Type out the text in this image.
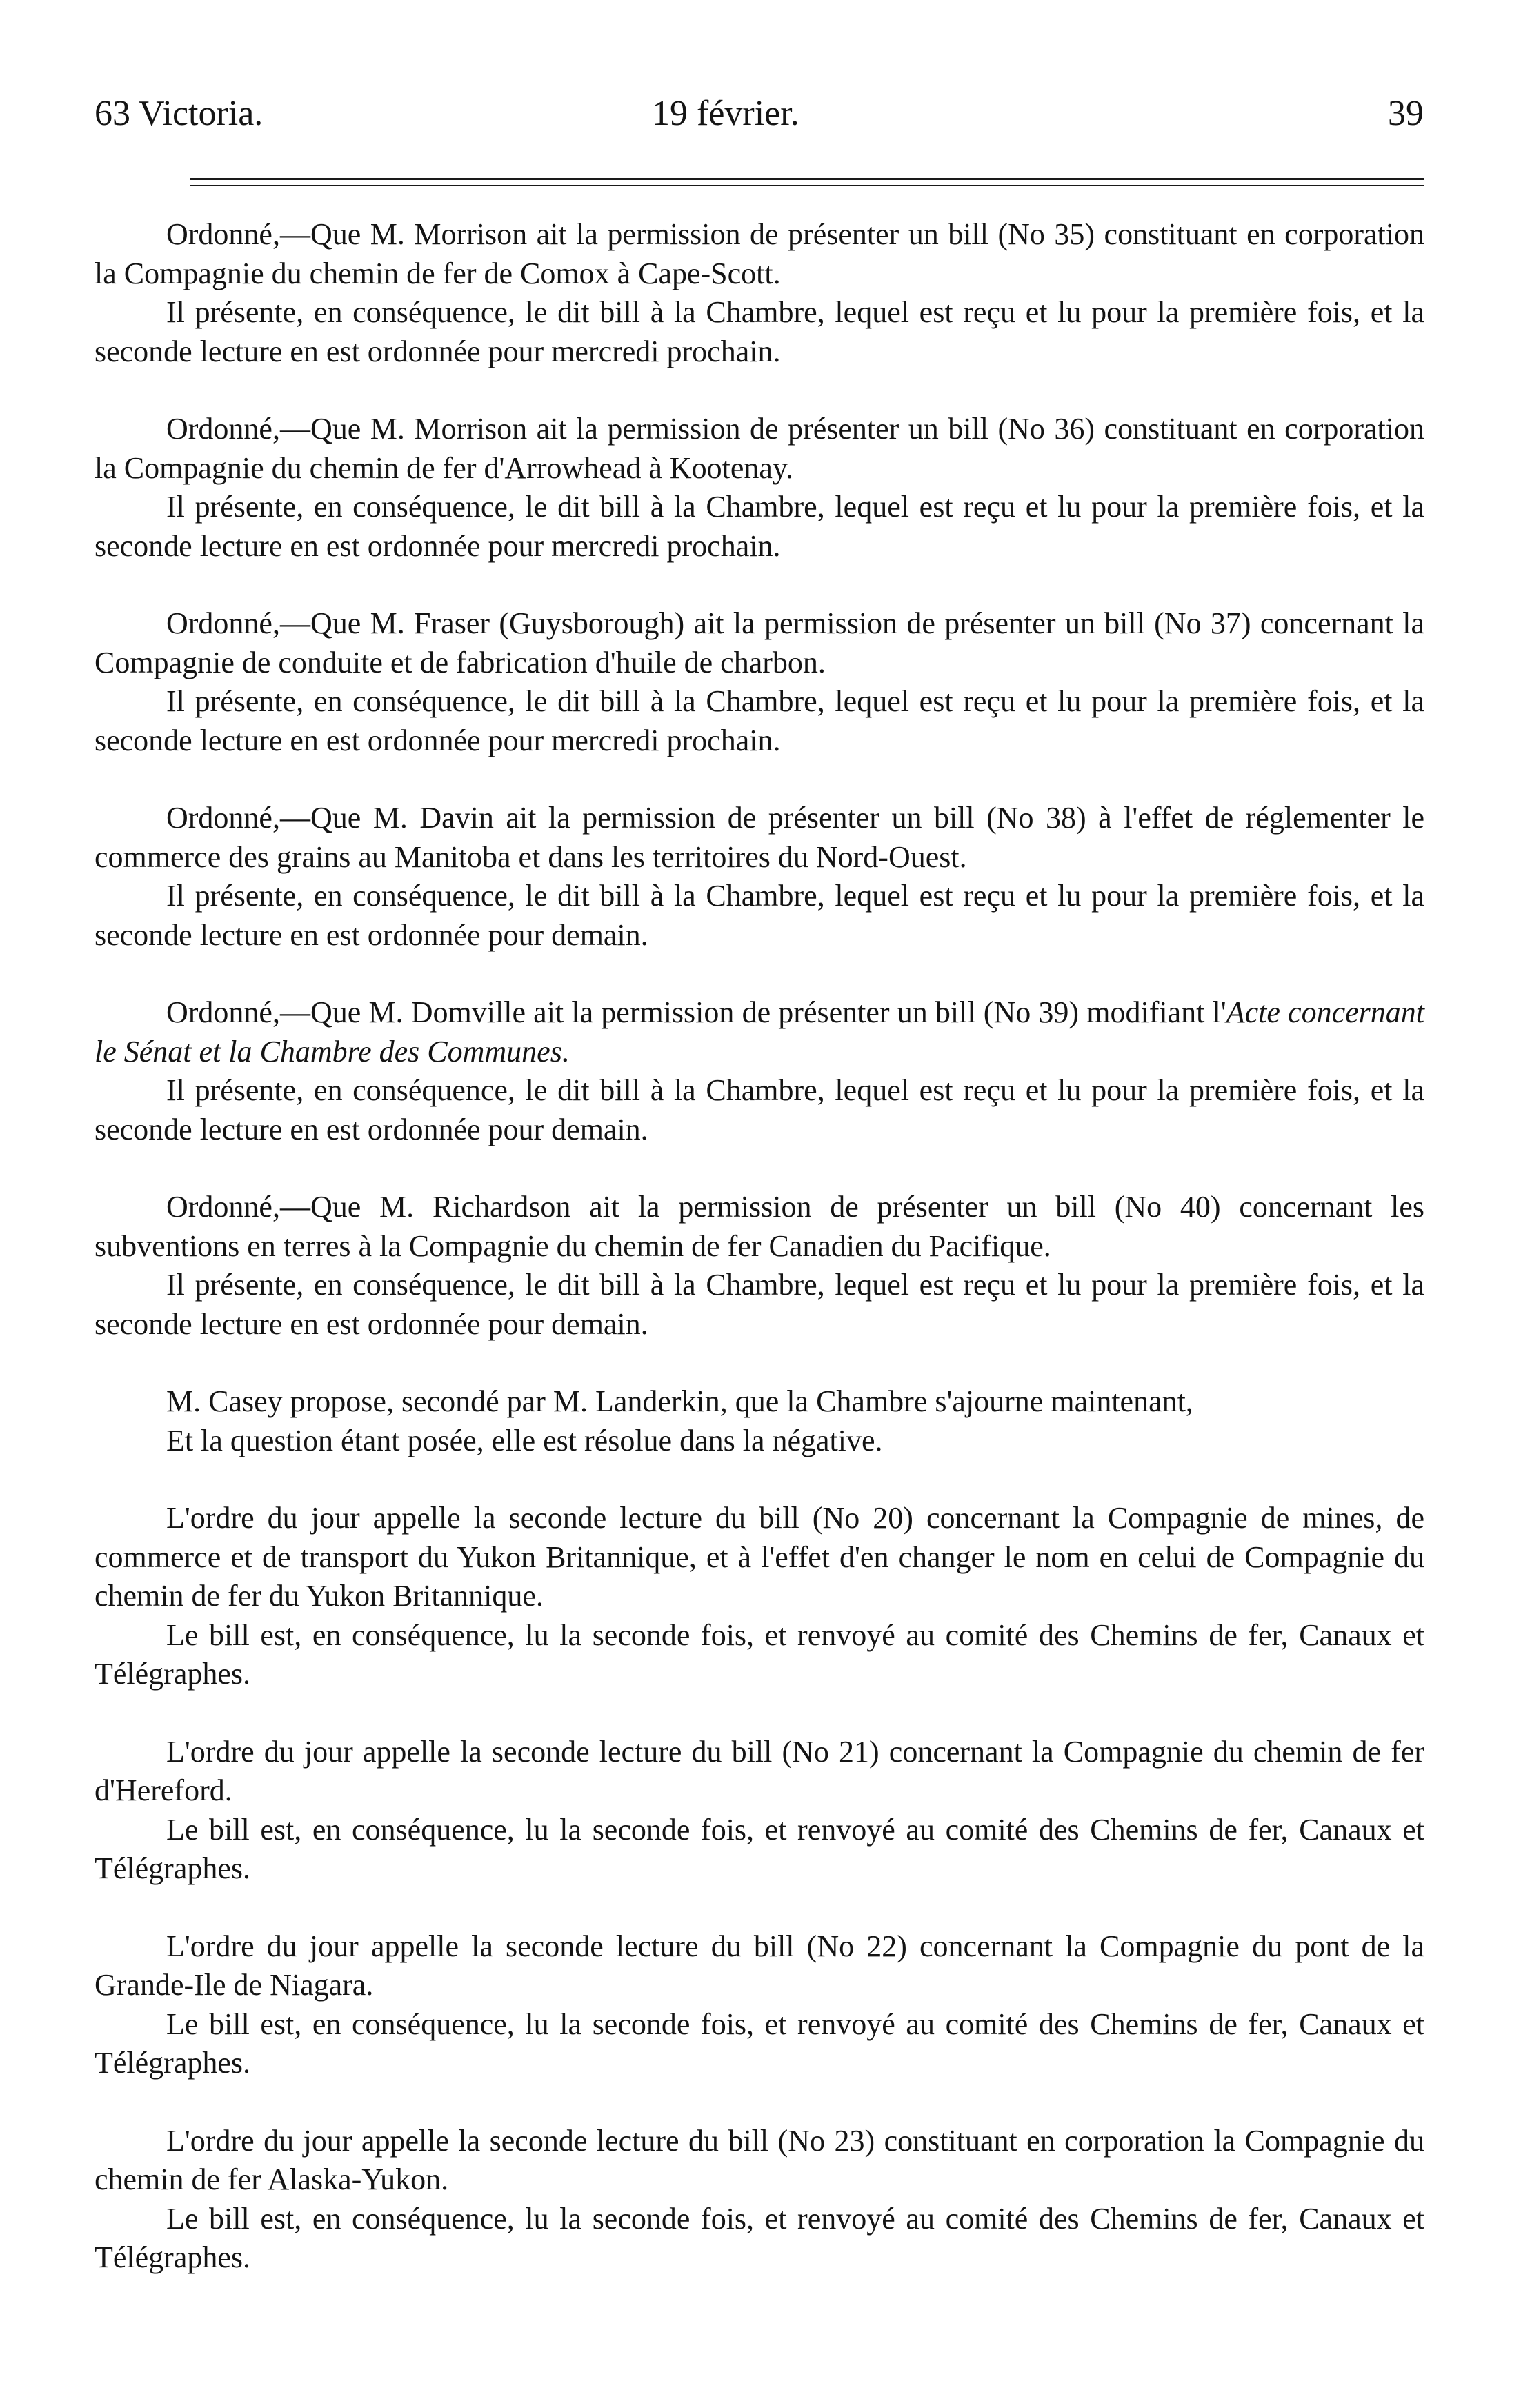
63 Victoria.	19 février.	39

Ordonné,—Que M. Morrison ait la permission de présenter un bill (No 35) constituant en corporation la Compagnie du chemin de fer de Comox à Cape-Scott.

Il présente, en conséquence, le dit bill à la Chambre, lequel est reçu et lu pour la première fois, et la seconde lecture en est ordonnée pour mercredi prochain.

Ordonné,—Que M. Morrison ait la permission de présenter un bill (No 36) constituant en corporation la Compagnie du chemin de fer d'Arrowhead à Kootenay.

Il présente, en conséquence, le dit bill à la Chambre, lequel est reçu et lu pour la première fois, et la seconde lecture en est ordonnée pour mercredi prochain.

Ordonné,—Que M. Fraser (Guysborough) ait la permission de présenter un bill (No 37) concernant la Compagnie de conduite et de fabrication d'huile de charbon.

Il présente, en conséquence, le dit bill à la Chambre, lequel est reçu et lu pour la première fois, et la seconde lecture en est ordonnée pour mercredi prochain.

Ordonné,—Que M. Davin ait la permission de présenter un bill (No 38) à l'effet de réglementer le commerce des grains au Manitoba et dans les territoires du Nord-Ouest.

Il présente, en conséquence, le dit bill à la Chambre, lequel est reçu et lu pour la première fois, et la seconde lecture en est ordonnée pour demain.

Ordonné,—Que M. Domville ait la permission de présenter un bill (No 39) modifiant l'Acte concernant le Sénat et la Chambre des Communes.

Il présente, en conséquence, le dit bill à la Chambre, lequel est reçu et lu pour la première fois, et la seconde lecture en est ordonnée pour demain.

Ordonné,—Que M. Richardson ait la permission de présenter un bill (No 40) concernant les subventions en terres à la Compagnie du chemin de fer Canadien du Pacifique.

Il présente, en conséquence, le dit bill à la Chambre, lequel est reçu et lu pour la première fois, et la seconde lecture en est ordonnée pour demain.

M. Casey propose, secondé par M. Landerkin, que la Chambre s'ajourne maintenant,

Et la question étant posée, elle est résolue dans la négative.

L'ordre du jour appelle la seconde lecture du bill (No 20) concernant la Compagnie de mines, de commerce et de transport du Yukon Britannique, et à l'effet d'en changer le nom en celui de Compagnie du chemin de fer du Yukon Britannique.

Le bill est, en conséquence, lu la seconde fois, et renvoyé au comité des Chemins de fer, Canaux et Télégraphes.

L'ordre du jour appelle la seconde lecture du bill (No 21) concernant la Compagnie du chemin de fer d'Hereford.

Le bill est, en conséquence, lu la seconde fois, et renvoyé au comité des Chemins de fer, Canaux et Télégraphes.

L'ordre du jour appelle la seconde lecture du bill (No 22) concernant la Compagnie du pont de la Grande-Ile de Niagara.

Le bill est, en conséquence, lu la seconde fois, et renvoyé au comité des Chemins de fer, Canaux et Télégraphes.

L'ordre du jour appelle la seconde lecture du bill (No 23) constituant en corporation la Compagnie du chemin de fer Alaska-Yukon.

Le bill est, en conséquence, lu la seconde fois, et renvoyé au comité des Chemins de fer, Canaux et Télégraphes.
